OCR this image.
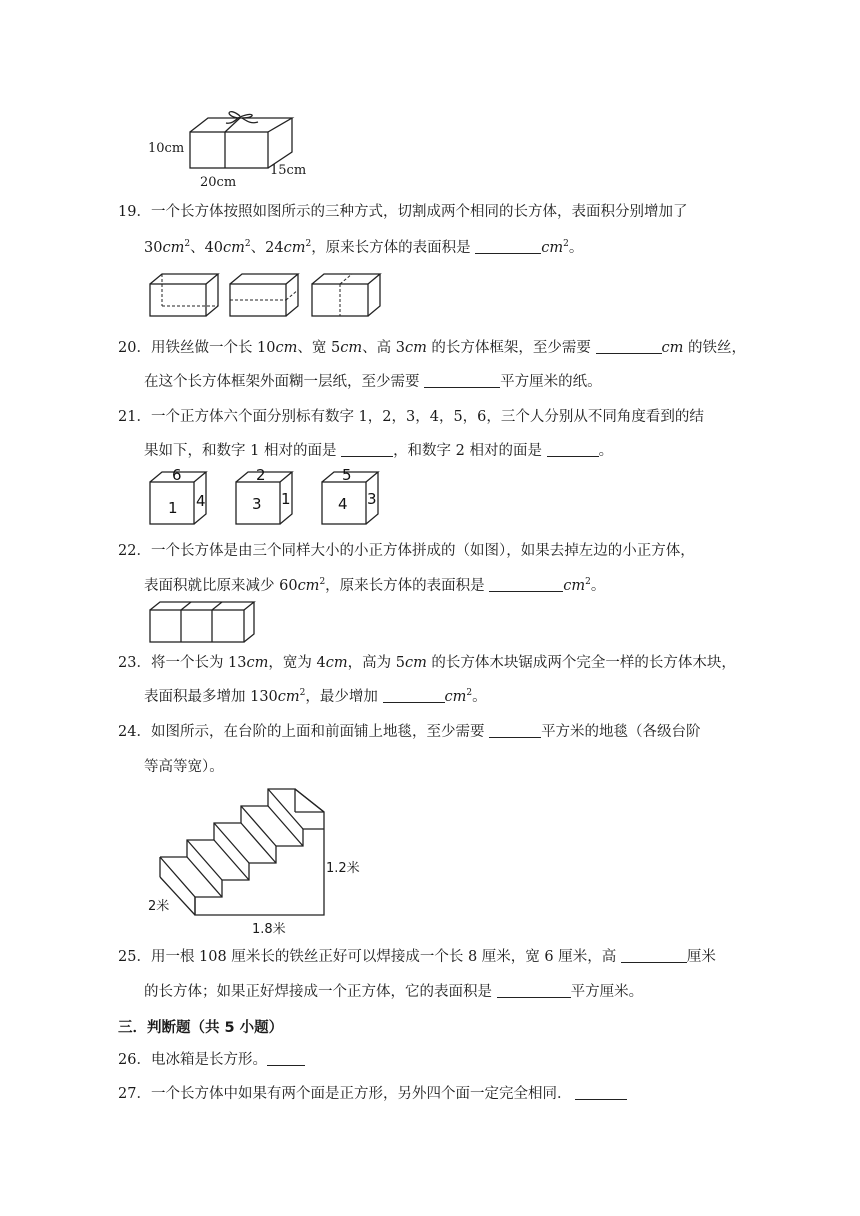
10cm
20cm
15cm
19．一个长方体按照如图所示的三种方式，切割成两个相同的长方体，表面积分别增加了
$30cm^2$、$40cm^2$、$24cm^2$，原来长方体的表面积是	$cm^2$。
20．用铁丝做一个长 10cm、宽 5cm、高 3cm 的长方体框架，至少需要	cm 的铁丝，
在这个长方体框架外面糊一层纸，至少需要	平方厘米的纸。
21．一个正方体六个面分别标有数字 1，2，3，4，5，6，三个人分别从不同角度看到的结
果如下，和数字 1 相对的面是	，和数字 2 相对的面是	。
6
1 4
2
3 1
5
4 3
22．一个长方体是由三个同样大小的小正方体拼成的（如图），如果去掉左边的小正方体，
表面积就比原来减少 $60cm^2$，原来长方体的表面积是	$cm^2$。
23．将一个长为 13cm，宽为 4cm，高为 5cm 的长方体木块锯成两个完全一样的长方体木块，
表面积最多增加 $130cm^2$，最少增加	$cm^2$。
24．如图所示，在台阶的上面和前面铺上地毯，至少需要	平方米的地毯（各级台阶
等高等宽）。
1.2米
2米
1.8米
25．用一根 108 厘米长的铁丝正好可以焊接成一个长 8 厘米，宽 6 厘米，高	厘米
的长方体；如果正好焊接成一个正方体，它的表面积是	平方厘米。
三．判断题（共 5 小题）
26．电冰箱是长方形。
27．一个长方体中如果有两个面是正方形，另外四个面一定完全相同．
